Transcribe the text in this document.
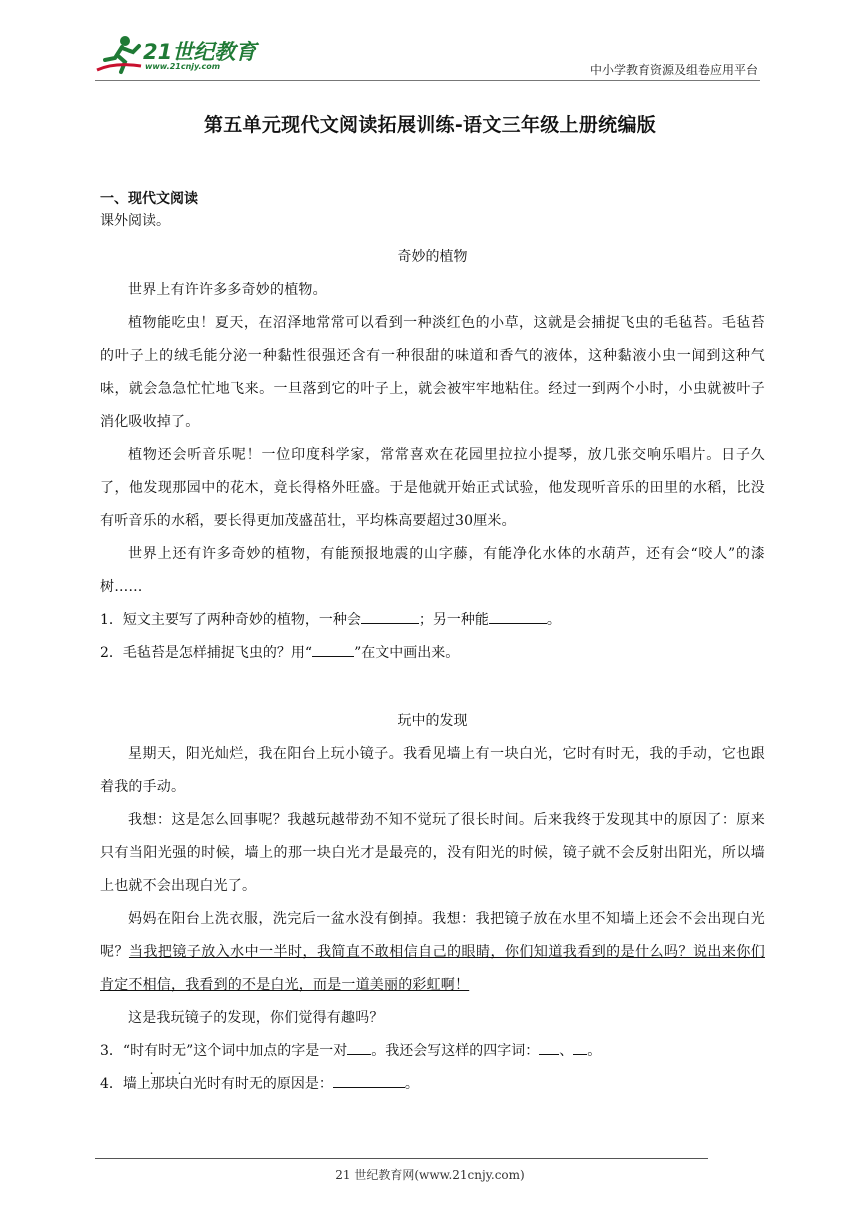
21世纪教育
www.21cnjy.com	中小学教育资源及组卷应用平台
第五单元现代文阅读拓展训练-语文三年级上册统编版
一、现代文阅读
课外阅读。
奇妙的植物
世界上有许许多多奇妙的植物。
植物能吃虫！夏天，在沼泽地常常可以看到一种淡红色的小草，这就是会捕捉飞虫的毛毡苔。毛毡苔的叶子上的绒毛能分泌一种黏性很强还含有一种很甜的味道和香气的液体，这种黏液小虫一闻到这种气味，就会急急忙忙地飞来。一旦落到它的叶子上，就会被牢牢地粘住。经过一到两个小时，小虫就被叶子消化吸收掉了。
植物还会听音乐呢！一位印度科学家，常常喜欢在花园里拉拉小提琴，放几张交响乐唱片。日子久了，他发现那园中的花木，竟长得格外旺盛。于是他就开始正式试验，他发现听音乐的田里的水稻，比没有听音乐的水稻，要长得更加茂盛茁壮，平均株高要超过30厘米。
世界上还有许多奇妙的植物，有能预报地震的山字藤，有能净化水体的水葫芦，还有会“咬人”的漆树……
1．短文主要写了两种奇妙的植物，一种会	；另一种能	。
2．毛毡苔是怎样捕捉飞虫的？用“	”在文中画出来。
玩中的发现
星期天，阳光灿烂，我在阳台上玩小镜子。我看见墙上有一块白光，它时有时无，我的手动，它也跟着我的手动。
我想：这是怎么回事呢？我越玩越带劲不知不觉玩了很长时间。后来我终于发现其中的原因了：原来只有当阳光强的时候，墙上的那一块白光才是最亮的，没有阳光的时候，镜子就不会反射出阳光，所以墙上也就不会出现白光了。
妈妈在阳台上洗衣服，洗完后一盆水没有倒掉。我想：我把镜子放在水里不知墙上还会不会出现白光呢？当我把镜子放入水中一半时，我简直不敢相信自己的眼睛，你们知道我看到的是什么吗？说出来你们肯定不相信，我看到的不是白光，而是一道美丽的彩虹啊！
这是我玩镜子的发现，你们觉得有趣吗？
3．“时有时无”这个词中加点的字是一对 。我还会写这样的四字词： 、 。
4．墙上那块白光时有时无的原因是：	。
21 世纪教育网(www.21cnjy.com)
